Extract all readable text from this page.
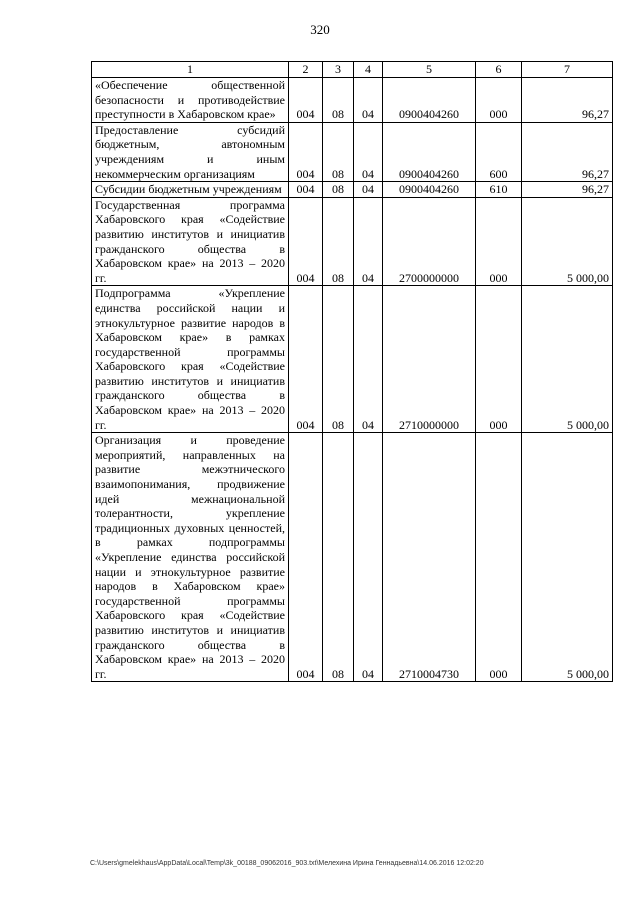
320
1	2	3	4	5	6	7
«Обеспечение общественной безопасности и противодействие преступности в Хабаровском крае»	004	08	04	0900404260	000	96,27
Предоставление субсидий бюджетным, автономным учреждениям и иным некоммерческим организациям	004	08	04	0900404260	600	96,27
Субсидии бюджетным учреждениям	004	08	04	0900404260	610	96,27
Государственная программа Хабаровского края «Содействие развитию институтов и инициатив гражданского общества в Хабаровском крае» на 2013 – 2020 гг.	004	08	04	2700000000	000	5 000,00
Подпрограмма «Укрепление единства российской нации и этнокультурное развитие народов в Хабаровском крае» в рамках государственной программы Хабаровского края «Содействие развитию институтов и инициатив гражданского общества в Хабаровском крае» на 2013 – 2020 гг.	004	08	04	2710000000	000	5 000,00
Организация и проведение мероприятий, направленных на развитие межэтнического взаимопонимания, продвижение идей межнациональной толерантности, укрепление традиционных духовных ценностей, в рамках подпрограммы «Укрепление единства российской нации и этнокультурное развитие народов в Хабаровском крае» государственной программы Хабаровского края «Содействие развитию институтов и инициатив гражданского общества в Хабаровском крае» на 2013 – 2020 гг.	004	08	04	2710004730	000	5 000,00
C:\Users\gmelekhaus\AppData\Local\Temp\3k_00188_09062016_903.txt\Мелехина Ирина Геннадьевна\14.06.2016 12:02:20
